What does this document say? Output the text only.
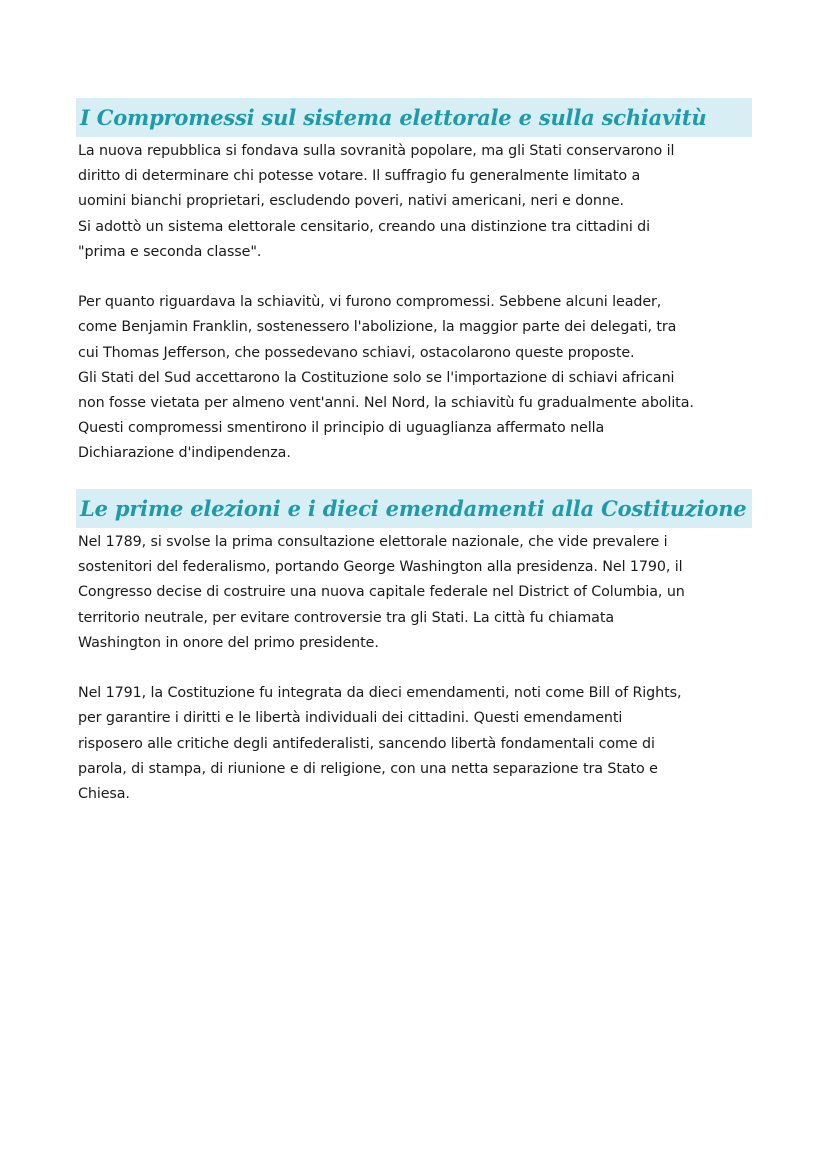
I Compromessi sul sistema elettorale e sulla schiavitù
La nuova repubblica si fondava sulla sovranità popolare, ma gli Stati conservarono il
diritto di determinare chi potesse votare. Il suffragio fu generalmente limitato a
uomini bianchi proprietari, escludendo poveri, nativi americani, neri e donne.
Si adottò un sistema elettorale censitario, creando una distinzione tra cittadini di
"prima e seconda classe".
Per quanto riguardava la schiavitù, vi furono compromessi. Sebbene alcuni leader,
come Benjamin Franklin, sostenessero l'abolizione, la maggior parte dei delegati, tra
cui Thomas Jefferson, che possedevano schiavi, ostacolarono queste proposte.
Gli Stati del Sud accettarono la Costituzione solo se l'importazione di schiavi africani
non fosse vietata per almeno vent'anni. Nel Nord, la schiavitù fu gradualmente abolita.
Questi compromessi smentirono il principio di uguaglianza affermato nella
Dichiarazione d'indipendenza.
Le prime elezioni e i dieci emendamenti alla Costituzione
Nel 1789, si svolse la prima consultazione elettorale nazionale, che vide prevalere i
sostenitori del federalismo, portando George Washington alla presidenza. Nel 1790, il
Congresso decise di costruire una nuova capitale federale nel District of Columbia, un
territorio neutrale, per evitare controversie tra gli Stati. La città fu chiamata
Washington in onore del primo presidente.
Nel 1791, la Costituzione fu integrata da dieci emendamenti, noti come Bill of Rights,
per garantire i diritti e le libertà individuali dei cittadini. Questi emendamenti
risposero alle critiche degli antifederalisti, sancendo libertà fondamentali come di
parola, di stampa, di riunione e di religione, con una netta separazione tra Stato e
Chiesa.
